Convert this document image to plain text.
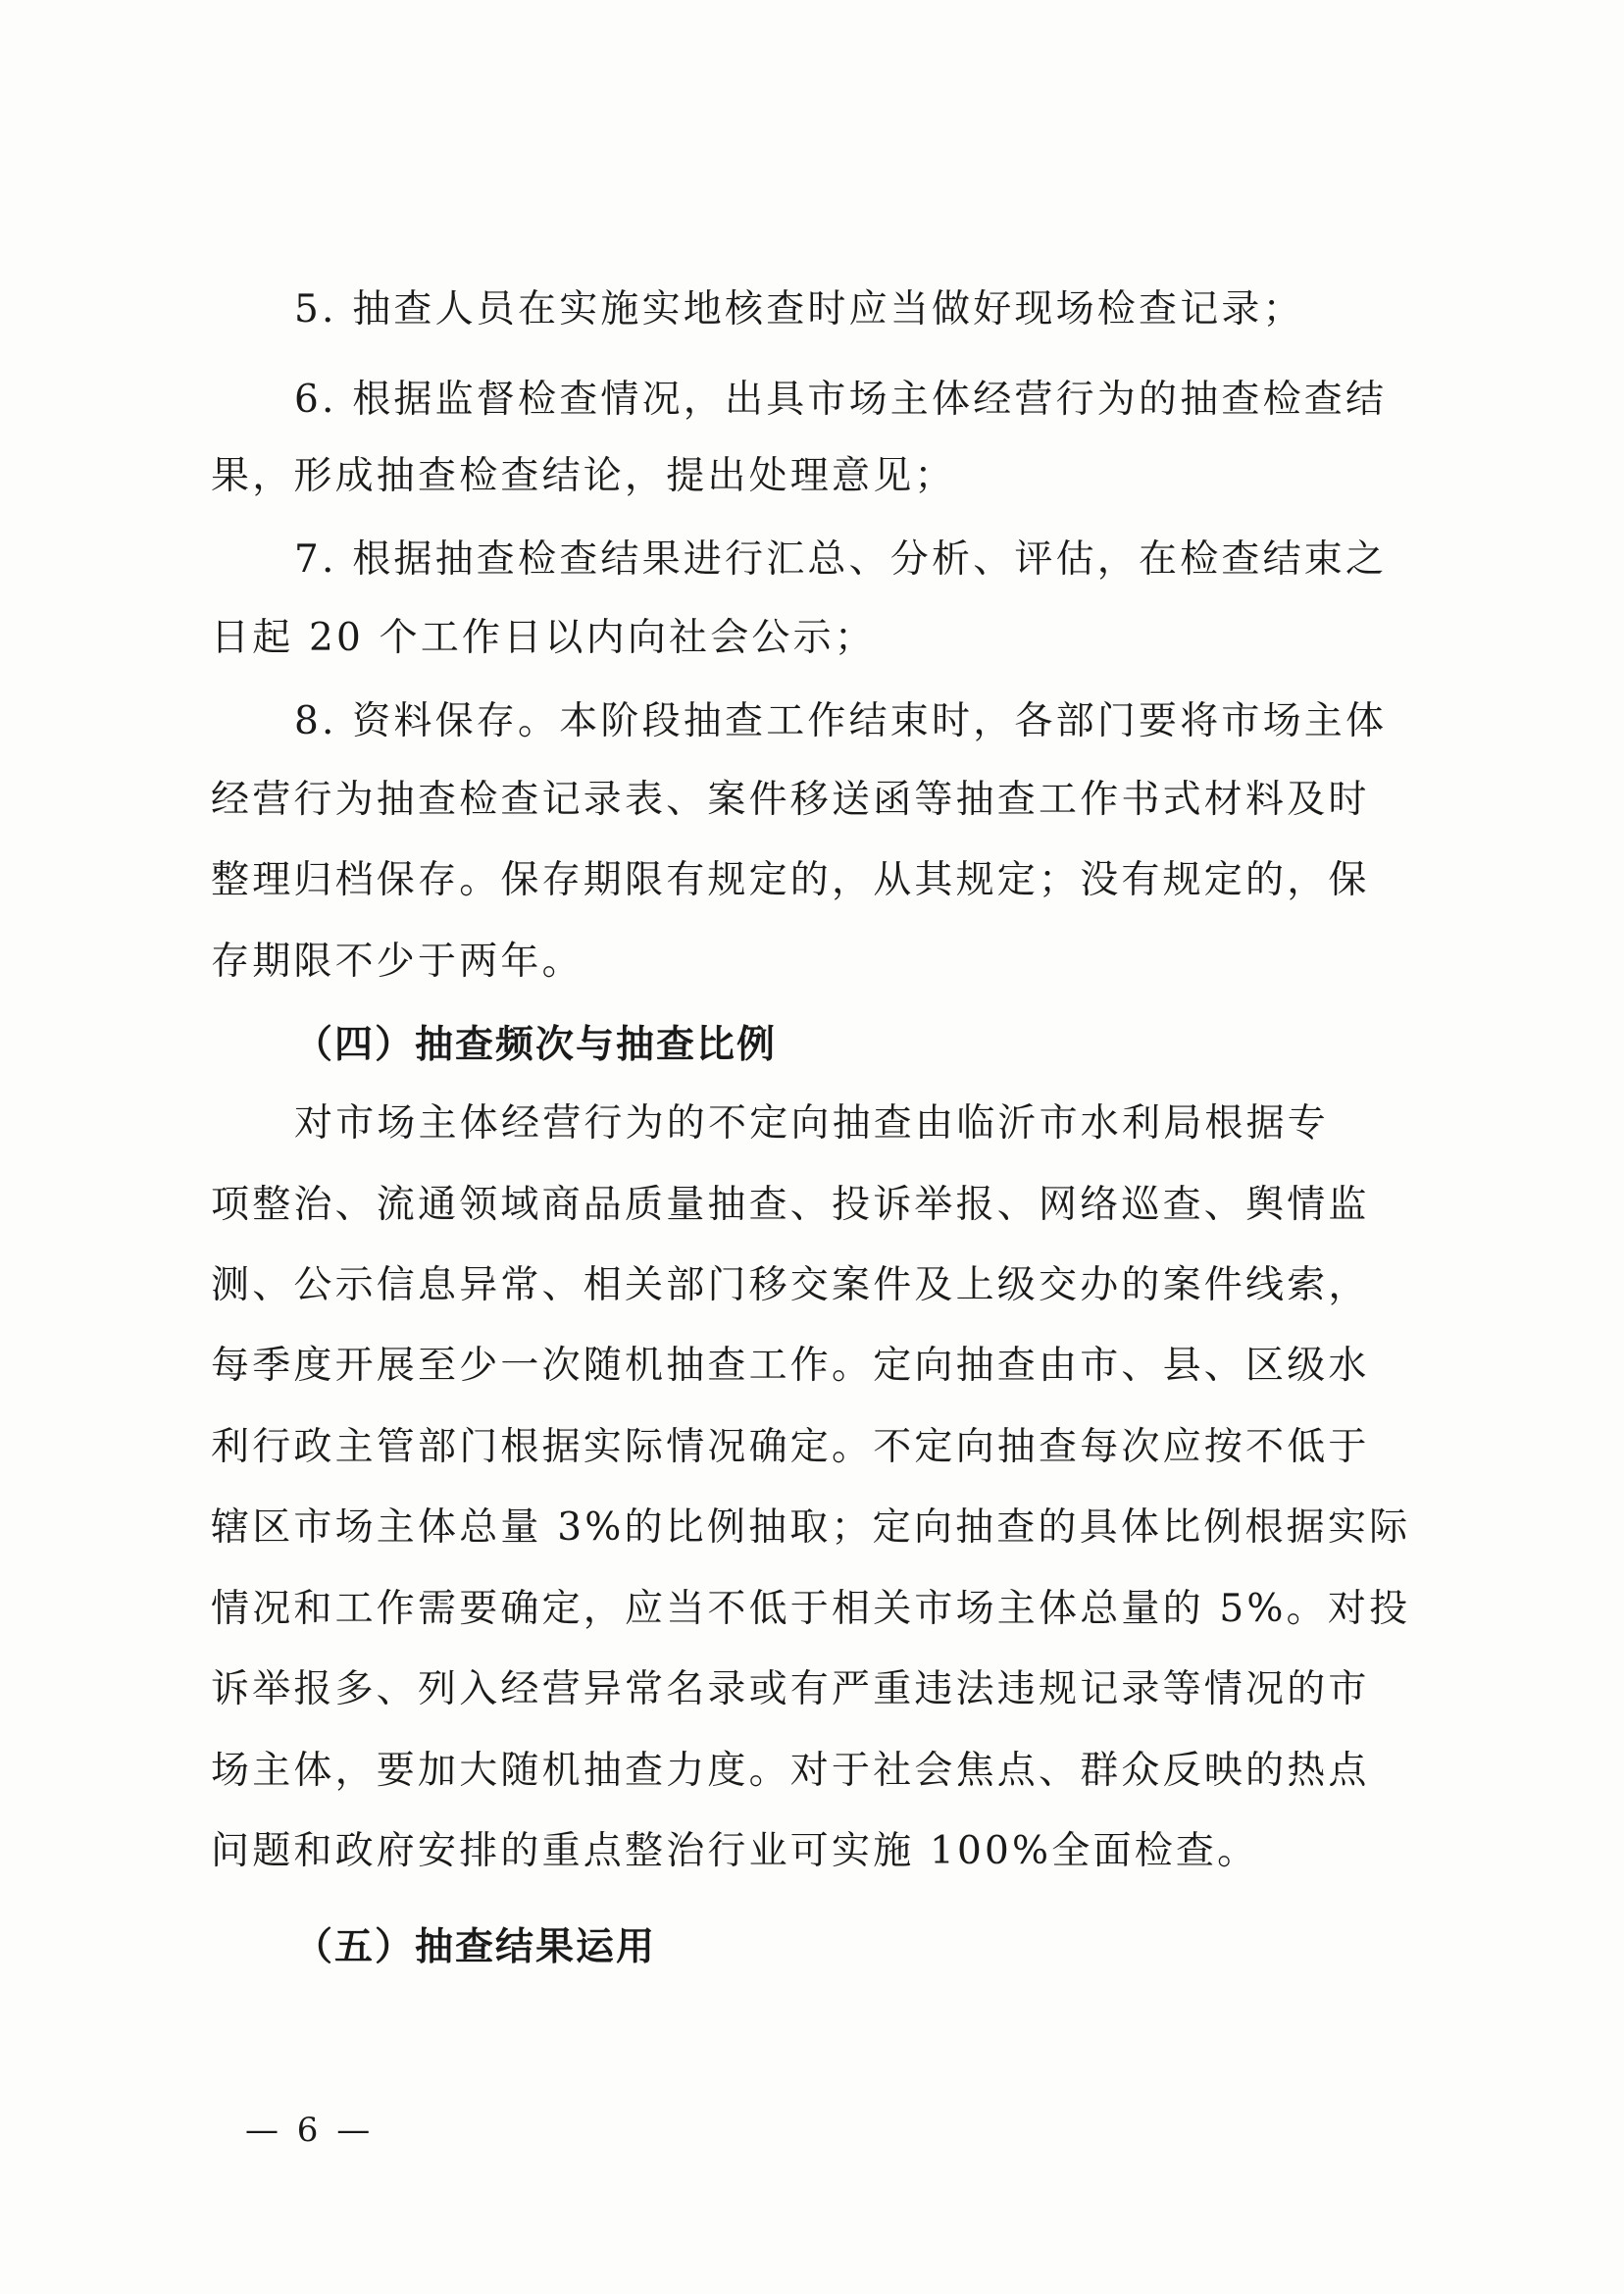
5. 抽查人员在实施实地核查时应当做好现场检查记录；
6. 根据监督检查情况，出具市场主体经营行为的抽查检查结
果，形成抽查检查结论，提出处理意见；
7. 根据抽查检查结果进行汇总、分析、评估，在检查结束之
日起 20 个工作日以内向社会公示；
8. 资料保存。本阶段抽查工作结束时，各部门要将市场主体
经营行为抽查检查记录表、案件移送函等抽查工作书式材料及时
整理归档保存。保存期限有规定的，从其规定；没有规定的，保
存期限不少于两年。
（四）抽查频次与抽查比例
对市场主体经营行为的不定向抽查由临沂市水利局根据专
项整治、流通领域商品质量抽查、投诉举报、网络巡查、舆情监
测、公示信息异常、相关部门移交案件及上级交办的案件线索，
每季度开展至少一次随机抽查工作。定向抽查由市、县、区级水
利行政主管部门根据实际情况确定。不定向抽查每次应按不低于
辖区市场主体总量 3%的比例抽取；定向抽查的具体比例根据实际
情况和工作需要确定，应当不低于相关市场主体总量的 5%。对投
诉举报多、列入经营异常名录或有严重违法违规记录等情况的市
场主体，要加大随机抽查力度。对于社会焦点、群众反映的热点
问题和政府安排的重点整治行业可实施 100%全面检查。
（五）抽查结果运用
— 6 —
